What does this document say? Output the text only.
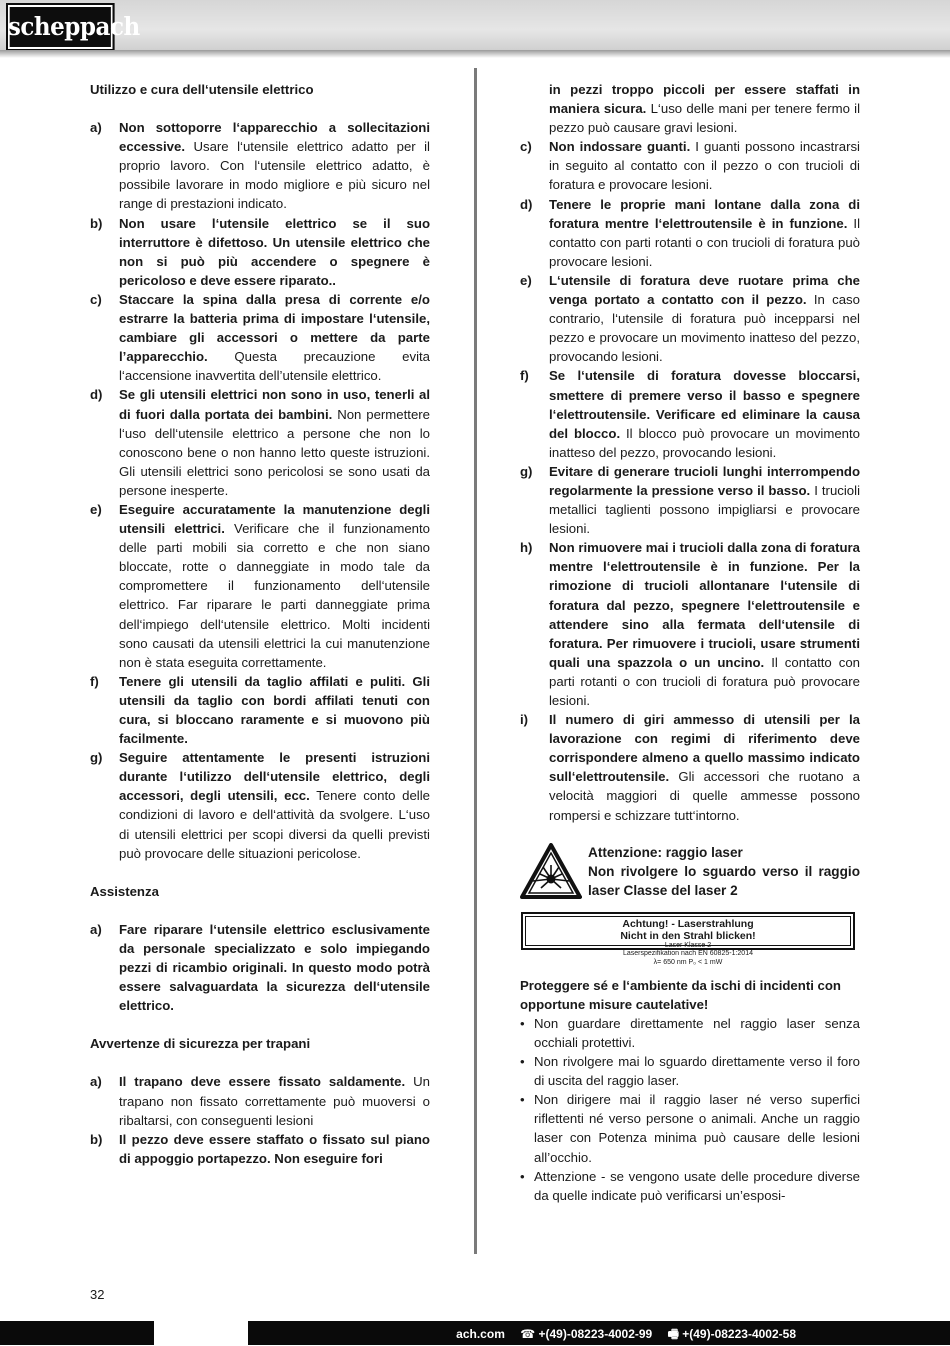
scheppach
Utilizzo e cura dell‘utensile elettrico
a)	Non sottoporre l‘apparecchio a sollecitazioni eccessive. Usare l‘utensile elettrico adatto per il proprio lavoro. Con l‘utensile elettrico adatto, è possibile lavorare in modo migliore e più sicuro nel range di prestazioni indicato.
b)	Non usare l‘utensile elettrico se il suo interruttore è difettoso. Un utensile elettrico che non si può più accendere o spegnere è pericoloso e deve essere riparato..
c)	Staccare la spina dalla presa di corrente e/o estrarre la batteria prima di impostare l‘utensile, cambiare gli accessori o mettere da parte l’apparecchio. Questa precauzione evita l‘accensione inavvertita dell’utensile elettrico.
d)	Se gli utensili elettrici non sono in uso, tenerli al di fuori dalla portata dei bambini. Non permettere l‘uso dell‘utensile elettrico a persone che non lo conoscono bene o non hanno letto queste istruzioni. Gli utensili elettrici sono pericolosi se sono usati da persone inesperte.
e)	Eseguire accuratamente la manutenzione degli utensili elettrici. Verificare che il funzionamento delle parti mobili sia corretto e che non siano bloccate, rotte o danneggiate in modo tale da compromettere il funzionamento dell‘utensile elettrico. Far riparare le parti danneggiate prima dell‘impiego dell‘utensile elettrico. Molti incidenti sono causati da utensili elettrici la cui manutenzione non è stata eseguita correttamente.
f)	Tenere gli utensili da taglio affilati e puliti. Gli utensili da taglio con bordi affilati tenuti con cura, si bloccano raramente e si muovono più facilmente.
g)	Seguire attentamente le presenti istruzioni durante l‘utilizzo dell‘utensile elettrico, degli accessori, degli utensili, ecc. Tenere conto delle condizioni di lavoro e dell‘attività da svolgere. L‘uso di utensili elettrici per scopi diversi da quelli previsti può provocare delle situazioni pericolose.
Assistenza
a)	Fare riparare l‘utensile elettrico esclusivamente da personale specializzato e solo impiegando pezzi di ricambio originali. In questo modo potrà essere salvaguardata la sicurezza dell‘utensile elettrico.
Avvertenze di sicurezza per trapani
a)	Il trapano deve essere fissato saldamente. Un trapano non fissato correttamente può muoversi o ribaltarsi, con conseguenti lesioni
b)	Il pezzo deve essere staffato o fissato sul piano di appoggio portapezzo. Non eseguire fori
in pezzi troppo piccoli per essere staffati in maniera sicura. L‘uso delle mani per tenere fermo il pezzo può causare gravi lesioni.
c)	Non indossare guanti. I guanti possono incastrarsi in seguito al contatto con il pezzo o con trucioli di foratura e provocare lesioni.
d)	Tenere le proprie mani lontane dalla zona di foratura mentre l‘elettroutensile è in funzione. Il contatto con parti rotanti o con trucioli di foratura può provocare lesioni.
e)	L‘utensile di foratura deve ruotare prima che venga portato a contatto con il pezzo. In caso contrario, l‘utensile di foratura può incepparsi nel pezzo e provocare un movimento inatteso del pezzo, provocando lesioni.
f)	Se l‘utensile di foratura dovesse bloccarsi, smettere di premere verso il basso e spegnere l‘elettroutensile. Verificare ed eliminare la causa del blocco. Il blocco può provocare un movimento inatteso del pezzo, provocando lesioni.
g)	Evitare di generare trucioli lunghi interrompendo regolarmente la pressione verso il basso. I trucioli metallici taglienti possono impigliarsi e provocare lesioni.
h)	Non rimuovere mai i trucioli dalla zona di foratura mentre l‘elettroutensile è in funzione. Per la rimozione di trucioli allontanare l‘utensile di foratura dal pezzo, spegnere l‘elettroutensile e attendere sino alla fermata dell‘utensile di foratura. Per rimuovere i trucioli, usare strumenti quali una spazzola o un uncino. Il contatto con parti rotanti o con trucioli di foratura può provocare lesioni.
i)	Il numero di giri ammesso di utensili per la lavorazione con regimi di riferimento deve corrispondere almeno a quello massimo indicato sull‘elettroutensile. Gli accessori che ruotano a velocità maggiori di quelle ammesse possono rompersi e schizzare tutt‘intorno.
Attenzione: raggio laser
Non rivolgere lo sguardo verso il raggio laser Classe del laser 2
Achtung! - Laserstrahlung
Nicht in den Strahl blicken!
Laser Klasse 2
Laserspezifikation nach EN 60825-1:2014
λ= 650 nm P₀ < 1 mW
Proteggere sé e l‘ambiente da ischi di incidenti con opportune misure cautelative!
• Non guardare direttamente nel raggio laser senza occhiali protettivi.
• Non rivolgere mai lo sguardo direttamente verso il foro di uscita del raggio laser.
• Non dirigere mai il raggio laser né verso superfici riflettenti né verso persone o animali. Anche un raggio laser con Potenza minima può causare delle lesioni all’occhio.
• Attenzione - se vengono usate delle procedure diverse da quelle indicate può verificarsi un’esposi-
32
ach.com ☎ +(49)-08223-4002-99 🖷 +(49)-08223-4002-58
